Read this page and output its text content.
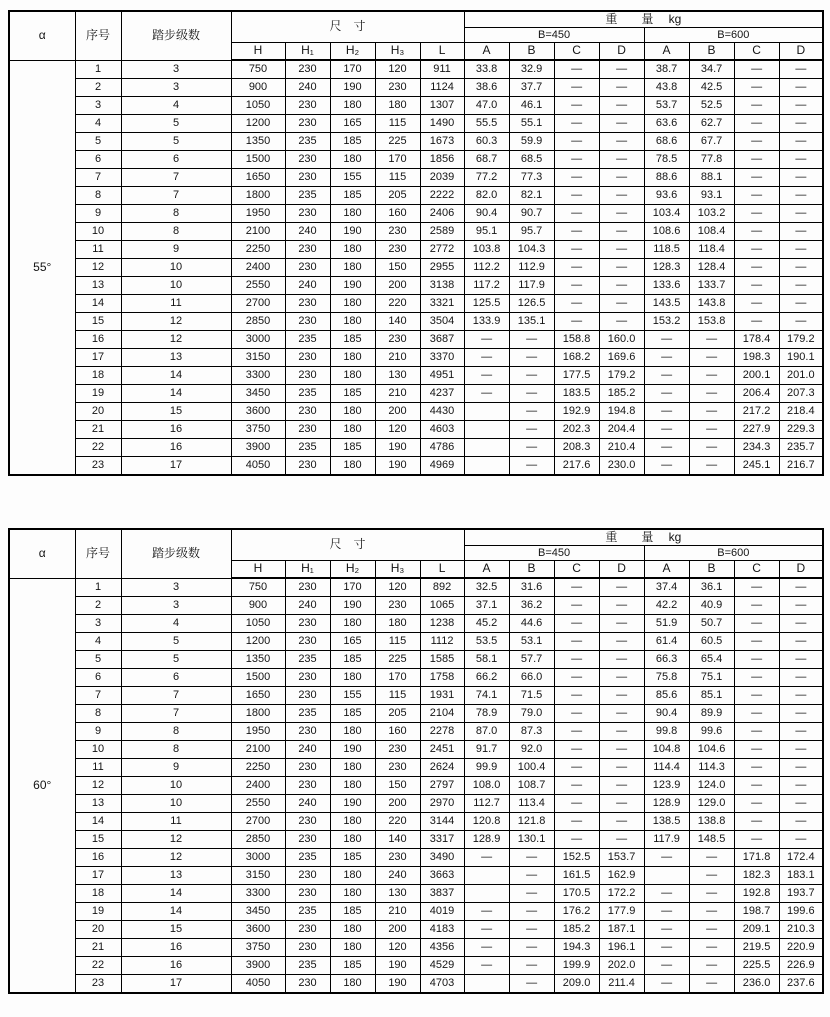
α	序号	踏步级数	尺　寸					重　　量　 kg							
								B=450				B=600			
			H	H₁	H₂	H₃	L	A	B	C	D	A	B	C	D
55°	1	3	750	230	170	120	911	33.8	32.9	—	—	38.7	34.7	—	—
	2	3	900	240	190	230	1124	38.6	37.7	—	—	43.8	42.5	—	—
	3	4	1050	230	180	180	1307	47.0	46.1	—	—	53.7	52.5	—	—
	4	5	1200	230	165	115	1490	55.5	55.1	—	—	63.6	62.7	—	—
	5	5	1350	235	185	225	1673	60.3	59.9	—	—	68.6	67.7	—	—
	6	6	1500	230	180	170	1856	68.7	68.5	—	—	78.5	77.8	—	—
	7	7	1650	230	155	115	2039	77.2	77.3	—	—	88.6	88.1	—	—
	8	7	1800	235	185	205	2222	82.0	82.1	—	—	93.6	93.1	—	—
	9	8	1950	230	180	160	2406	90.4	90.7	—	—	103.4	103.2	—	—
	10	8	2100	240	190	230	2589	95.1	95.7	—	—	108.6	108.4	—	—
	11	9	2250	230	180	230	2772	103.8	104.3	—	—	118.5	118.4	—	—
	12	10	2400	230	180	150	2955	112.2	112.9	—	—	128.3	128.4	—	—
	13	10	2550	240	190	200	3138	117.2	117.9	—	—	133.6	133.7	—	—
	14	11	2700	230	180	220	3321	125.5	126.5	—	—	143.5	143.8	—	—
	15	12	2850	230	180	140	3504	133.9	135.1	—	—	153.2	153.8	—	—
	16	12	3000	235	185	230	3687	—	—	158.8	160.0	—	—	178.4	179.2
	17	13	3150	230	180	210	3370	—	—	168.2	169.6	—	—	198.3	190.1
	18	14	3300	230	180	130	4951	—	—	177.5	179.2	—	—	200.1	201.0
	19	14	3450	235	185	210	4237	—	—	183.5	185.2	—	—	206.4	207.3
	20	15	3600	230	180	200	4430		—	192.9	194.8	—	—	217.2	218.4
	21	16	3750	230	180	120	4603		—	202.3	204.4	—	—	227.9	229.3
	22	16	3900	235	185	190	4786		—	208.3	210.4	—	—	234.3	235.7
	23	17	4050	230	180	190	4969		—	217.6	230.0	—	—	245.1	216.7
α	序号	踏步级数	尺　寸					重　　量　 kg							
								B=450				B=600			
			H	H₁	H₂	H₃	L	A	B	C	D	A	B	C	D
60°	1	3	750	230	170	120	892	32.5	31.6	—	—	37.4	36.1	—	—
	2	3	900	240	190	230	1065	37.1	36.2	—	—	42.2	40.9	—	—
	3	4	1050	230	180	180	1238	45.2	44.6	—	—	51.9	50.7	—	—
	4	5	1200	230	165	115	1112	53.5	53.1	—	—	61.4	60.5	—	—
	5	5	1350	235	185	225	1585	58.1	57.7	—	—	66.3	65.4	—	—
	6	6	1500	230	180	170	1758	66.2	66.0	—	—	75.8	75.1	—	—
	7	7	1650	230	155	115	1931	74.1	71.5	—	—	85.6	85.1	—	—
	8	7	1800	235	185	205	2104	78.9	79.0	—	—	90.4	89.9	—	—
	9	8	1950	230	180	160	2278	87.0	87.3	—	—	99.8	99.6	—	—
	10	8	2100	240	190	230	2451	91.7	92.0	—	—	104.8	104.6	—	—
	11	9	2250	230	180	230	2624	99.9	100.4	—	—	114.4	114.3	—	—
	12	10	2400	230	180	150	2797	108.0	108.7	—	—	123.9	124.0	—	—
	13	10	2550	240	190	200	2970	112.7	113.4	—	—	128.9	129.0	—	—
	14	11	2700	230	180	220	3144	120.8	121.8	—	—	138.5	138.8	—	—
	15	12	2850	230	180	140	3317	128.9	130.1	—	—	117.9	148.5	—	—
	16	12	3000	235	185	230	3490	—	—	152.5	153.7	—	—	171.8	172.4
	17	13	3150	230	180	240	3663		—	161.5	162.9		—	182.3	183.1
	18	14	3300	230	180	130	3837		—	170.5	172.2	—	—	192.8	193.7
	19	14	3450	235	185	210	4019	—	—	176.2	177.9	—	—	198.7	199.6
	20	15	3600	230	180	200	4183	—	—	185.2	187.1	—	—	209.1	210.3
	21	16	3750	230	180	120	4356	—	—	194.3	196.1	—	—	219.5	220.9
	22	16	3900	235	185	190	4529	—	—	199.9	202.0	—	—	225.5	226.9
	23	17	4050	230	180	190	4703		—	209.0	211.4	—	—	236.0	237.6
